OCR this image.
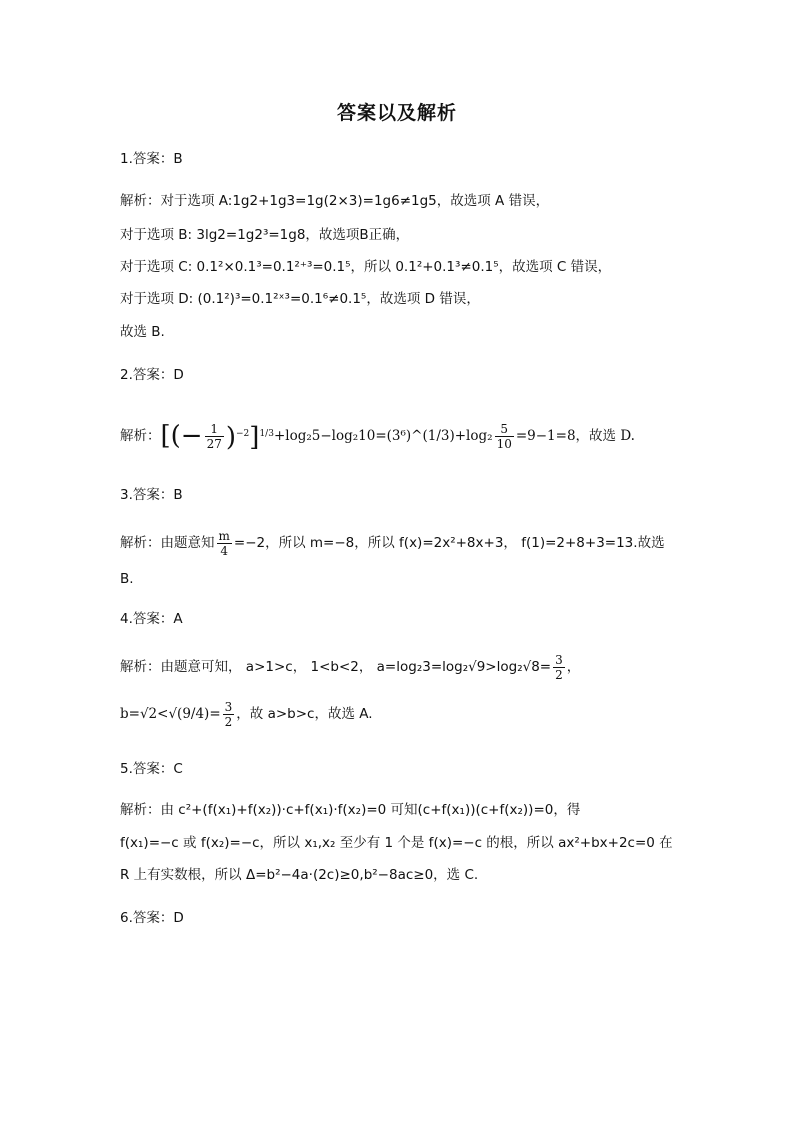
答案以及解析
1.答案：B
解析：对于选项 A:1g2+1g3=1g(2×3)=1g6≠1g5，故选项 A 错误，
对于选项 B: 3lg2=1g2³=1g8，故选项B正确，
对于选项 C: 0.1²×0.1³=0.1²⁺³=0.1⁵，所以 0.1²+0.1³≠0.1⁵，故选项 C 错误，
对于选项 D: (0.1²)³=0.1²ˣ³=0.1⁶≠0.1⁵，故选项 D 错误，
故选 B.
2.答案：D
解析： [(− $\frac{1}{27} )^{-2}]^{1/3}$ +log₂5−log₂10=(3⁶)^(1/3)+log₂ $\frac{5}{10} =9-1=8$，故选 D.
3.答案：B
解析：由题意知 $\frac{m}{4} =-2$，所以 m=−8，所以 f(x)=2x²+8x+3， f(1)=2+8+3=13.故选
B.
4.答案：A
解析：由题意可知， a>1>c， 1<b<2， $a=\log_23=\log_2√9>\log_2√8= \frac{3}{2}$ ，
$b=√2<√(9/4)= \frac{3}{2}$ ，故 a>b>c，故选 A.
5.答案：C
解析：由 c²+(f(x₁)+f(x₂))·c+f(x₁)·f(x₂)=0 可知(c+f(x₁))(c+f(x₂))=0，得
f(x₁)=−c 或 f(x₂)=−c，所以 x₁,x₂ 至少有 1 个是 f(x)=−c 的根，所以 ax²+bx+2c=0 在
R 上有实数根，所以 Δ=b²−4a·(2c)≥0,b²−8ac≥0，选 C.
6.答案：D
